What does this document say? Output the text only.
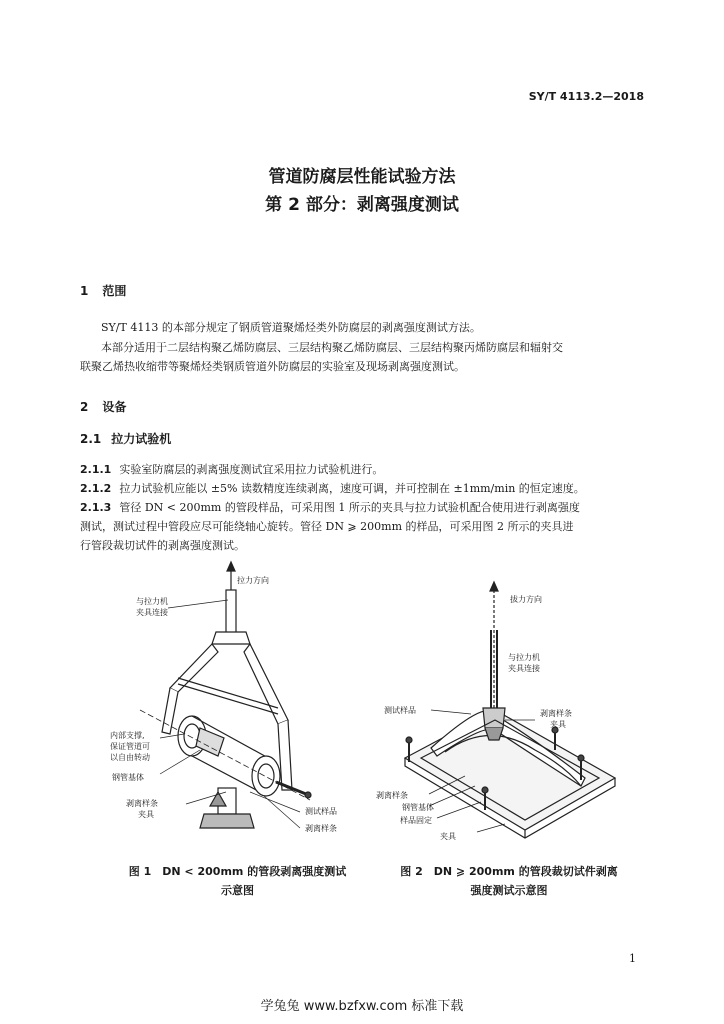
SY/T 4113.2—2018
管道防腐层性能试验方法
第 2 部分：剥离强度测试
1 范围
SY/T 4113 的本部分规定了钢质管道聚烯烃类外防腐层的剥离强度测试方法。
本部分适用于二层结构聚乙烯防腐层、三层结构聚乙烯防腐层、三层结构聚丙烯防腐层和辐射交
联聚乙烯热收缩带等聚烯烃类钢质管道外防腐层的实验室及现场剥离强度测试。
2 设备
2.1 拉力试验机
2.1.1 实验室防腐层的剥离强度测试宜采用拉力试验机进行。
2.1.2 拉力试验机应能以 ±5% 读数精度连续剥离，速度可调，并可控制在 ±1mm/min 的恒定速度。
2.1.3 管径 DN < 200mm 的管段样品，可采用图 1 所示的夹具与拉力试验机配合使用进行剥离强度
测试，测试过程中管段应尽可能绕轴心旋转。管径 DN ⩾ 200mm 的样品，可采用图 2 所示的夹具进
行管段裁切试件的剥离强度测试。
拉力方向
与拉力机
夹具连接
内部支撑,
保证管道可
以自由转动
钢管基体
剥离样条
夹具	测试样品
剥离样条
拔力方向
与拉力机
夹具连接
测试样品	剥离样条
夹具
剥离样条
钢管基体
样品固定
夹具
图 1　DN < 200mm 的管段剥离强度测试
示意图
图 2　DN ⩾ 200mm 的管段裁切试件剥离
强度测试示意图
1
学兔兔 www.bzfxw.com 标准下载
